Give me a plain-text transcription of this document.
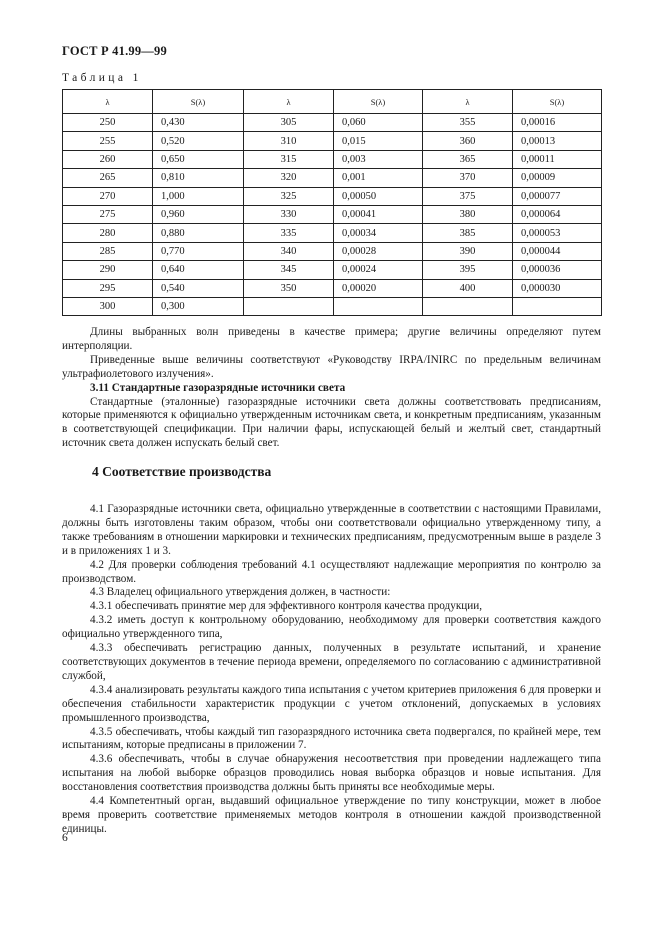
ГОСТ Р 41.99—99
Таблица 1
λ	S(λ)	λ	S(λ)	λ	S(λ)
250	0,430	305	0,060	355	0,00016
255	0,520	310	0,015	360	0,00013
260	0,650	315	0,003	365	0,00011
265	0,810	320	0,001	370	0,00009
270	1,000	325	0,00050	375	0,000077
275	0,960	330	0,00041	380	0,000064
280	0,880	335	0,00034	385	0,000053
285	0,770	340	0,00028	390	0,000044
290	0,640	345	0,00024	395	0,000036
295	0,540	350	0,00020	400	0,000030
300	0,300				

Длины выбранных волн приведены в качестве примера; другие величины определяют путем интерполяции.

Приведенные выше величины соответствуют «Руководству IRPA/INIRC по предельным величинам ультрафиолетового излучения».

3.11 Стандартные газоразрядные источники света

Стандартные (эталонные) газоразрядные источники света должны соответствовать предписаниям, которые применяются к официально утвержденным источникам света, и конкретным предписаниям, указанным в соответствующей спецификации. При наличии фары, испускающей белый и желтый свет, стандартный источник света должен испускать белый свет.

4 Соответствие производства

4.1 Газоразрядные источники света, официально утвержденные в соответствии с настоящими Правилами, должны быть изготовлены таким образом, чтобы они соответствовали официально утвержденному типу, а также требованиям в отношении маркировки и технических предписаниям, предусмотренным выше в разделе 3 и в приложениях 1 и 3.

4.2 Для проверки соблюдения требований 4.1 осуществляют надлежащие мероприятия по контролю за производством.

4.3 Владелец официального утверждения должен, в частности:

4.3.1 обеспечивать принятие мер для эффективного контроля качества продукции,

4.3.2 иметь доступ к контрольному оборудованию, необходимому для проверки соответствия каждого официально утвержденного типа,

4.3.3 обеспечивать регистрацию данных, полученных в результате испытаний, и хранение соответствующих документов в течение периода времени, определяемого по согласованию с административной службой,

4.3.4 анализировать результаты каждого типа испытания с учетом критериев приложения 6 для проверки и обеспечения стабильности характеристик продукции с учетом отклонений, допускаемых в условиях промышленного производства,

4.3.5 обеспечивать, чтобы каждый тип газоразрядного источника света подвергался, по крайней мере, тем испытаниям, которые предписаны в приложении 7.

4.3.6 обеспечивать, чтобы в случае обнаружения несоответствия при проведении надлежащего типа испытания на любой выборке образцов проводились новая выборка образцов и новые испытания. Для восстановления соответствия производства должны быть приняты все необходимые меры.

4.4 Компетентный орган, выдавший официальное утверждение по типу конструкции, может в любое время проверить соответствие применяемых методов контроля в отношении каждой производственной единицы.

6
